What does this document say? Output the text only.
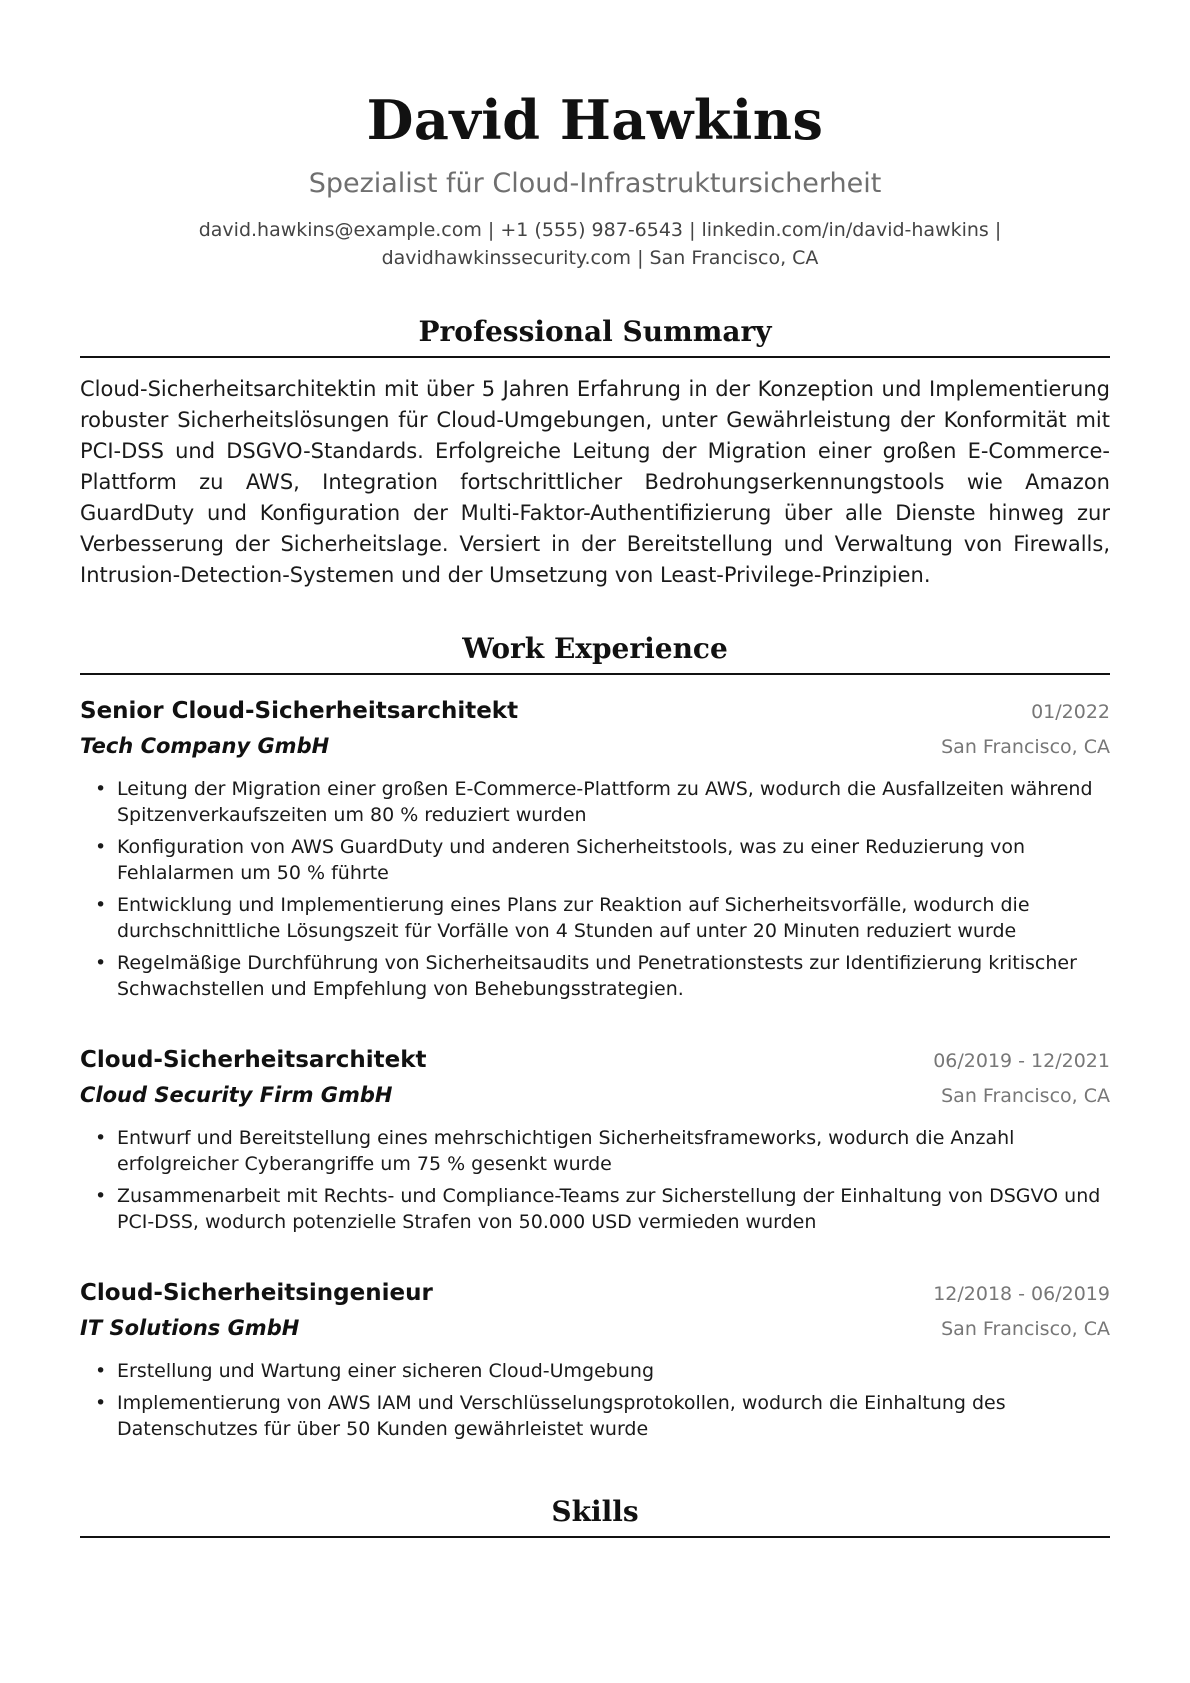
David Hawkins
Spezialist für Cloud-Infrastruktursicherheit
david.hawkins@example.com | +1 (555) 987-6543 | linkedin.com/in/david-hawkins | davidhawkinssecurity.com | San Francisco, CA
Professional Summary
Cloud-Sicherheitsarchitektin mit über 5 Jahren Erfahrung in der Konzeption und Implementierung robuster Sicherheitslösungen für Cloud-Umgebungen, unter Gewährleistung der Konformität mit PCI-DSS und DSGVO-Standards. Erfolgreiche Leitung der Migration einer großen E-Commerce-Plattform zu AWS, Integration fortschrittlicher Bedrohungserkennungstools wie Amazon GuardDuty und Konfiguration der Multi-Faktor-Authentifizierung über alle Dienste hinweg zur Verbesserung der Sicherheitslage. Versiert in der Bereitstellung und Verwaltung von Firewalls, Intrusion-Detection-Systemen und der Umsetzung von Least-Privilege-Prinzipien.
Work Experience
Senior Cloud-Sicherheitsarchitekt	01/2022
Tech Company GmbH	San Francisco, CA
• Leitung der Migration einer großen E-Commerce-Plattform zu AWS, wodurch die Ausfallzeiten während Spitzenverkaufszeiten um 80 % reduziert wurden
• Konfiguration von AWS GuardDuty und anderen Sicherheitstools, was zu einer Reduzierung von Fehlalarmen um 50 % führte
• Entwicklung und Implementierung eines Plans zur Reaktion auf Sicherheitsvorfälle, wodurch die durchschnittliche Lösungszeit für Vorfälle von 4 Stunden auf unter 20 Minuten reduziert wurde
• Regelmäßige Durchführung von Sicherheitsaudits und Penetrationstests zur Identifizierung kritischer Schwachstellen und Empfehlung von Behebungsstrategien.
Cloud-Sicherheitsarchitekt	06/2019 - 12/2021
Cloud Security Firm GmbH	San Francisco, CA
• Entwurf und Bereitstellung eines mehrschichtigen Sicherheitsframeworks, wodurch die Anzahl erfolgreicher Cyberangriffe um 75 % gesenkt wurde
• Zusammenarbeit mit Rechts- und Compliance-Teams zur Sicherstellung der Einhaltung von DSGVO und PCI-DSS, wodurch potenzielle Strafen von 50.000 USD vermieden wurden
Cloud-Sicherheitsingenieur	12/2018 - 06/2019
IT Solutions GmbH	San Francisco, CA
• Erstellung und Wartung einer sicheren Cloud-Umgebung
• Implementierung von AWS IAM und Verschlüsselungsprotokollen, wodurch die Einhaltung des Datenschutzes für über 50 Kunden gewährleistet wurde
Skills
